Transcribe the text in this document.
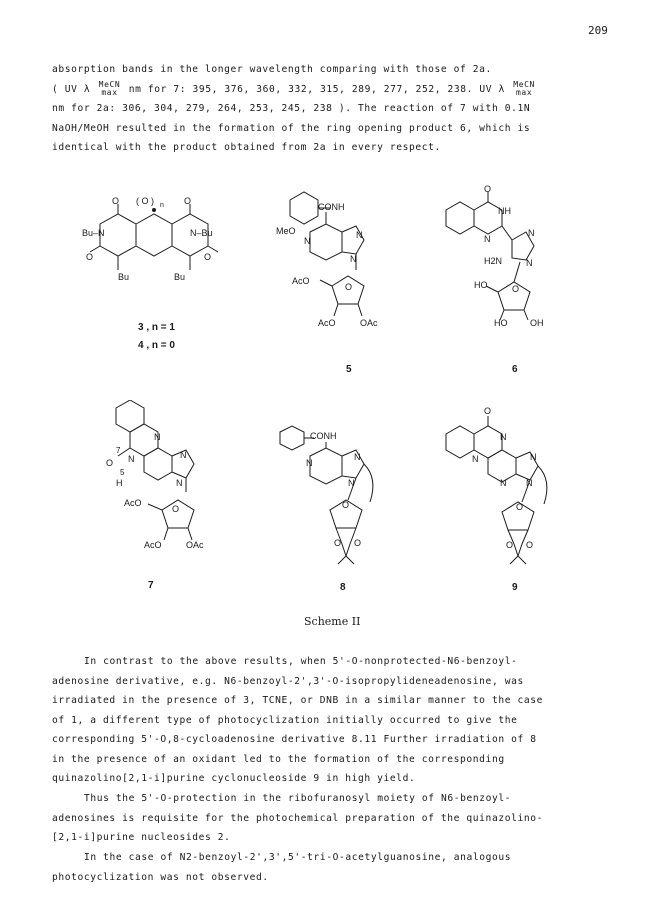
209
absorption bands in the longer wavelength comparing with those of 2a.
( UV λ MeCN
max nm for 7: 395, 376, 360, 332, 315, 289, 277, 252, 238. UV λ MeCN
max
nm for 2a: 306, 304, 279, 264, 253, 245, 238 ). The reaction of 7 with 0.1N
NaOH/MeOH resulted in the formation of the ring opening product 6, which is
identical with the product obtained from 2a in every respect.
O ( O ) n O
Bu–N	N–Bu
O	O
Bu	Bu
3 , n = 1
4 , n = 0
CONH
MeO
N
N
N
AcO
O
AcO	OAc
5
O
NH
N
N
H2N	N
HO	O
HO	OH
6
N
O
7
N
5
H
N
N
AcO
O
AcO	OAc
7
CONH
N
N
N
O
O O
8
O
N
N	N
N N
O
O O
9
Scheme II
In contrast to the above results, when 5'-O-nonprotected-N6-benzoyl-
adenosine derivative, e.g. N6-benzoyl-2',3'-O-isopropylideneadenosine, was
irradiated in the presence of 3, TCNE, or DNB in a similar manner to the case
of 1, a different type of photocyclization initially occurred to give the
corresponding 5'-O,8-cycloadenosine derivative 8.11 Further irradiation of 8
in the presence of an oxidant led to the formation of the corresponding
quinazolino[2,1-i]purine cyclonucleoside 9 in high yield.
Thus the 5'-O-protection in the ribofuranosyl moiety of N6-benzoyl-
adenosines is requisite for the photochemical preparation of the quinazolino-
[2,1-i]purine nucleosides 2.
In the case of N2-benzoyl-2',3',5'-tri-O-acetylguanosine, analogous
photocyclization was not observed.
